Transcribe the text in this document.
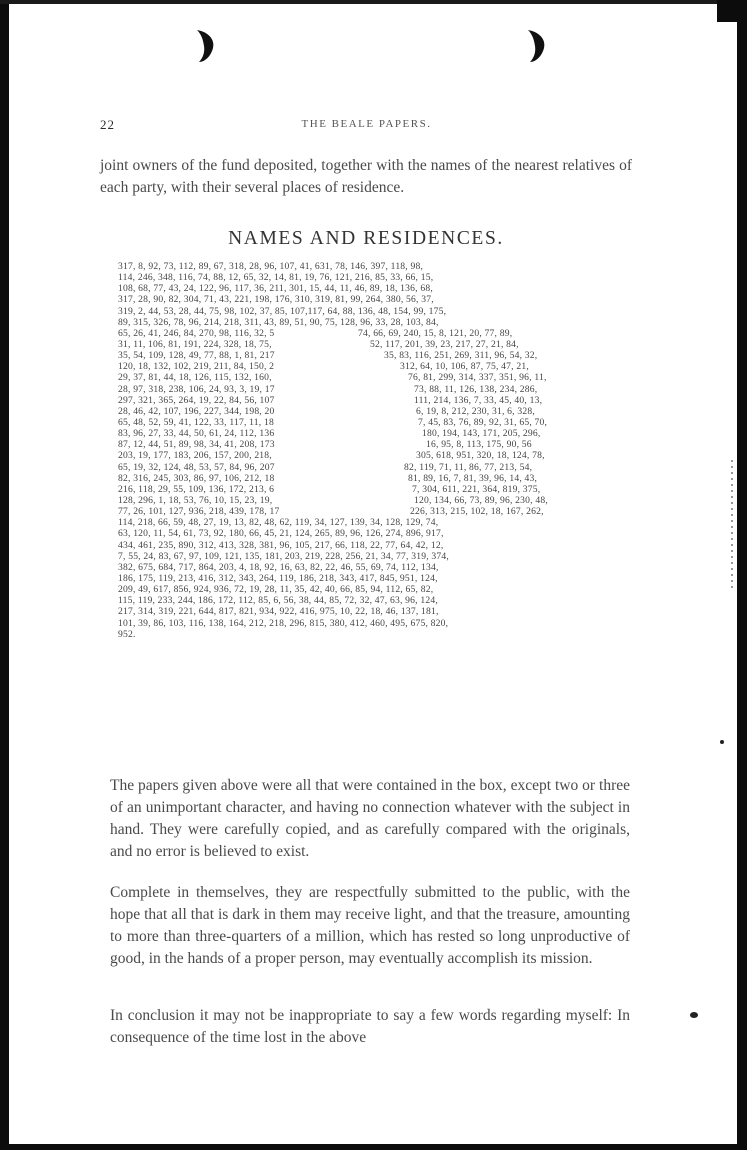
22	THE BEALE PAPERS.
joint owners of the fund deposited, together with the names of the nearest relatives of each party, with their several places of residence.
NAMES AND RESIDENCES.
317, 8, 92, 73, 112, 89, 67, 318, 28, 96, 107, 41, 631, 78, 146, 397, 118, 98,
114, 246, 348, 116, 74, 88, 12, 65, 32, 14, 81, 19, 76, 121, 216, 85, 33, 66, 15,
108, 68, 77, 43, 24, 122, 96, 117, 36, 211, 301, 15, 44, 11, 46, 89, 18, 136, 68,
317, 28, 90, 82, 304, 71, 43, 221, 198, 176, 310, 319, 81, 99, 264, 380, 56, 37,
319, 2, 44, 53, 28, 44, 75, 98, 102, 37, 85, 107,117, 64, 88, 136, 48, 154, 99, 175,
89, 315, 326, 78, 96, 214, 218, 311, 43, 89, 51, 90, 75, 128, 96, 33, 28, 103, 84,
65, 26, 41, 246, 84, 270, 98, 116, 32, 5	74, 66, 69, 240, 15, 8, 121, 20, 77, 89,
31, 11, 106, 81, 191, 224, 328, 18, 75,	52, 117, 201, 39, 23, 217, 27, 21, 84,
35, 54, 109, 128, 49, 77, 88, 1, 81, 217	35, 83, 116, 251, 269, 311, 96, 54, 32,
120, 18, 132, 102, 219, 211, 84, 150, 2	312, 64, 10, 106, 87, 75, 47, 21,
29, 37, 81, 44, 18, 126, 115, 132, 160,	76, 81, 299, 314, 337, 351, 96, 11,
28, 97, 318, 238, 106, 24, 93, 3, 19, 17	73, 88, 11, 126, 138, 234, 286,
297, 321, 365, 264, 19, 22, 84, 56, 107	111, 214, 136, 7, 33, 45, 40, 13,
28, 46, 42, 107, 196, 227, 344, 198, 20	6, 19, 8, 212, 230, 31, 6, 328,
65, 48, 52, 59, 41, 122, 33, 117, 11, 18	7, 45, 83, 76, 89, 92, 31, 65, 70,
83, 96, 27, 33, 44, 50, 61, 24, 112, 136	180, 194, 143, 171, 205, 296,
87, 12, 44, 51, 89, 98, 34, 41, 208, 173	16, 95, 8, 113, 175, 90, 56
203, 19, 177, 183, 206, 157, 200, 218,	305, 618, 951, 320, 18, 124, 78,
65, 19, 32, 124, 48, 53, 57, 84, 96, 207	82, 119, 71, 11, 86, 77, 213, 54,
82, 316, 245, 303, 86, 97, 106, 212, 18	81, 89, 16, 7, 81, 39, 96, 14, 43,
216, 118, 29, 55, 109, 136, 172, 213, 6	7, 304, 611, 221, 364, 819, 375,
128, 296, 1, 18, 53, 76, 10, 15, 23, 19,	120, 134, 66, 73, 89, 96, 230, 48,
77, 26, 101, 127, 936, 218, 439, 178, 17	226, 313, 215, 102, 18, 167, 262,
114, 218, 66, 59, 48, 27, 19, 13, 82, 48, 62, 119, 34, 127, 139, 34, 128, 129, 74,
63, 120, 11, 54, 61, 73, 92, 180, 66, 45, 21, 124, 265, 89, 96, 126, 274, 896, 917,
434, 461, 235, 890, 312, 413, 328, 381, 96, 105, 217, 66, 118, 22, 77, 64, 42, 12,
7, 55, 24, 83, 67, 97, 109, 121, 135, 181, 203, 219, 228, 256, 21, 34, 77, 319, 374,
382, 675, 684, 717, 864, 203, 4, 18, 92, 16, 63, 82, 22, 46, 55, 69, 74, 112, 134,
186, 175, 119, 213, 416, 312, 343, 264, 119, 186, 218, 343, 417, 845, 951, 124,
209, 49, 617, 856, 924, 936, 72, 19, 28, 11, 35, 42, 40, 66, 85, 94, 112, 65, 82,
115, 119, 233, 244, 186, 172, 112, 85, 6, 56, 38, 44, 85, 72, 32, 47, 63, 96, 124,
217, 314, 319, 221, 644, 817, 821, 934, 922, 416, 975, 10, 22, 18, 46, 137, 181,
101, 39, 86, 103, 116, 138, 164, 212, 218, 296, 815, 380, 412, 460, 495, 675, 820,
952.
The papers given above were all that were contained in the box, except two or three of an unimportant character, and having no connection whatever with the subject in hand. They were carefully copied, and as carefully compared with the originals, and no error is believed to exist.
Complete in themselves, they are respectfully submitted to the public, with the hope that all that is dark in them may receive light, and that the treasure, amounting to more than three-quarters of a million, which has rested so long unproductive of good, in the hands of a proper person, may eventually accomplish its mission.
In conclusion it may not be inappropriate to say a few words regarding myself: In consequence of the time lost in the above
